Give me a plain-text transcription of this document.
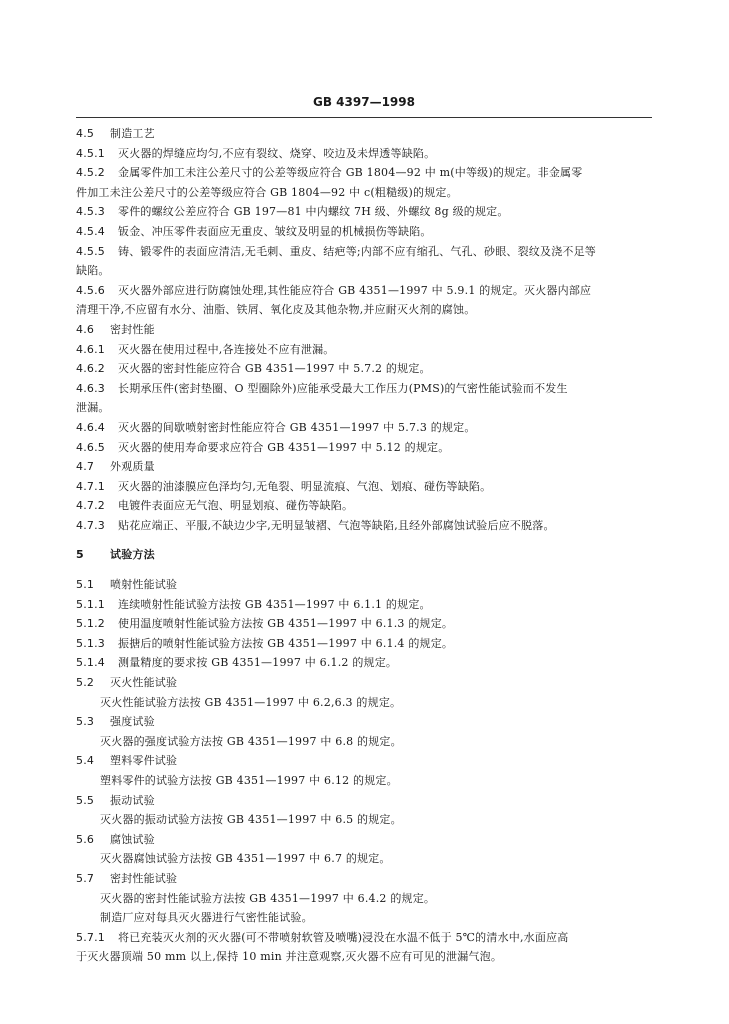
GB 4397—1998
4.5 制造工艺
4.5.1 灭火器的焊缝应均匀,不应有裂纹、烧穿、咬边及未焊透等缺陷。
4.5.2 金属零件加工未注公差尺寸的公差等级应符合 GB 1804—92 中 m(中等级)的规定。非金属零
件加工未注公差尺寸的公差等级应符合 GB 1804—92 中 c(粗糙级)的规定。
4.5.3 零件的螺纹公差应符合 GB 197—81 中内螺纹 7H 级、外螺纹 8g 级的规定。
4.5.4 钣金、冲压零件表面应无重皮、皱纹及明显的机械损伤等缺陷。
4.5.5 铸、锻零件的表面应清洁,无毛刺、重皮、结疤等;内部不应有缩孔、气孔、砂眼、裂纹及浇不足等
缺陷。
4.5.6 灭火器外部应进行防腐蚀处理,其性能应符合 GB 4351—1997 中 5.9.1 的规定。灭火器内部应
清理干净,不应留有水分、油脂、铁屑、氧化皮及其他杂物,并应耐灭火剂的腐蚀。
4.6 密封性能
4.6.1 灭火器在使用过程中,各连接处不应有泄漏。
4.6.2 灭火器的密封性能应符合 GB 4351—1997 中 5.7.2 的规定。
4.6.3 长期承压件(密封垫圈、O 型圈除外)应能承受最大工作压力(PMS)的气密性能试验而不发生
泄漏。
4.6.4 灭火器的间歇喷射密封性能应符合 GB 4351—1997 中 5.7.3 的规定。
4.6.5 灭火器的使用寿命要求应符合 GB 4351—1997 中 5.12 的规定。
4.7 外观质量
4.7.1 灭火器的油漆膜应色泽均匀,无龟裂、明显流痕、气泡、划痕、碰伤等缺陷。
4.7.2 电镀件表面应无气泡、明显划痕、碰伤等缺陷。
4.7.3 贴花应端正、平服,不缺边少字,无明显皱褶、气泡等缺陷,且经外部腐蚀试验后应不脱落。
5 试验方法
5.1 喷射性能试验
5.1.1 连续喷射性能试验方法按 GB 4351—1997 中 6.1.1 的规定。
5.1.2 使用温度喷射性能试验方法按 GB 4351—1997 中 6.1.3 的规定。
5.1.3 振搪后的喷射性能试验方法按 GB 4351—1997 中 6.1.4 的规定。
5.1.4 测量精度的要求按 GB 4351—1997 中 6.1.2 的规定。
5.2 灭火性能试验
灭火性能试验方法按 GB 4351—1997 中 6.2,6.3 的规定。
5.3 强度试验
灭火器的强度试验方法按 GB 4351—1997 中 6.8 的规定。
5.4 塑料零件试验
塑料零件的试验方法按 GB 4351—1997 中 6.12 的规定。
5.5 振动试验
灭火器的振动试验方法按 GB 4351—1997 中 6.5 的规定。
5.6 腐蚀试验
灭火器腐蚀试验方法按 GB 4351—1997 中 6.7 的规定。
5.7 密封性能试验
灭火器的密封性能试验方法按 GB 4351—1997 中 6.4.2 的规定。
制造厂应对每具灭火器进行气密性能试验。
5.7.1 将已充装灭火剂的灭火器(可不带喷射软管及喷嘴)浸没在水温不低于 5℃的清水中,水面应高
于灭火器顶端 50 mm 以上,保持 10 min 并注意观察,灭火器不应有可见的泄漏气泡。
